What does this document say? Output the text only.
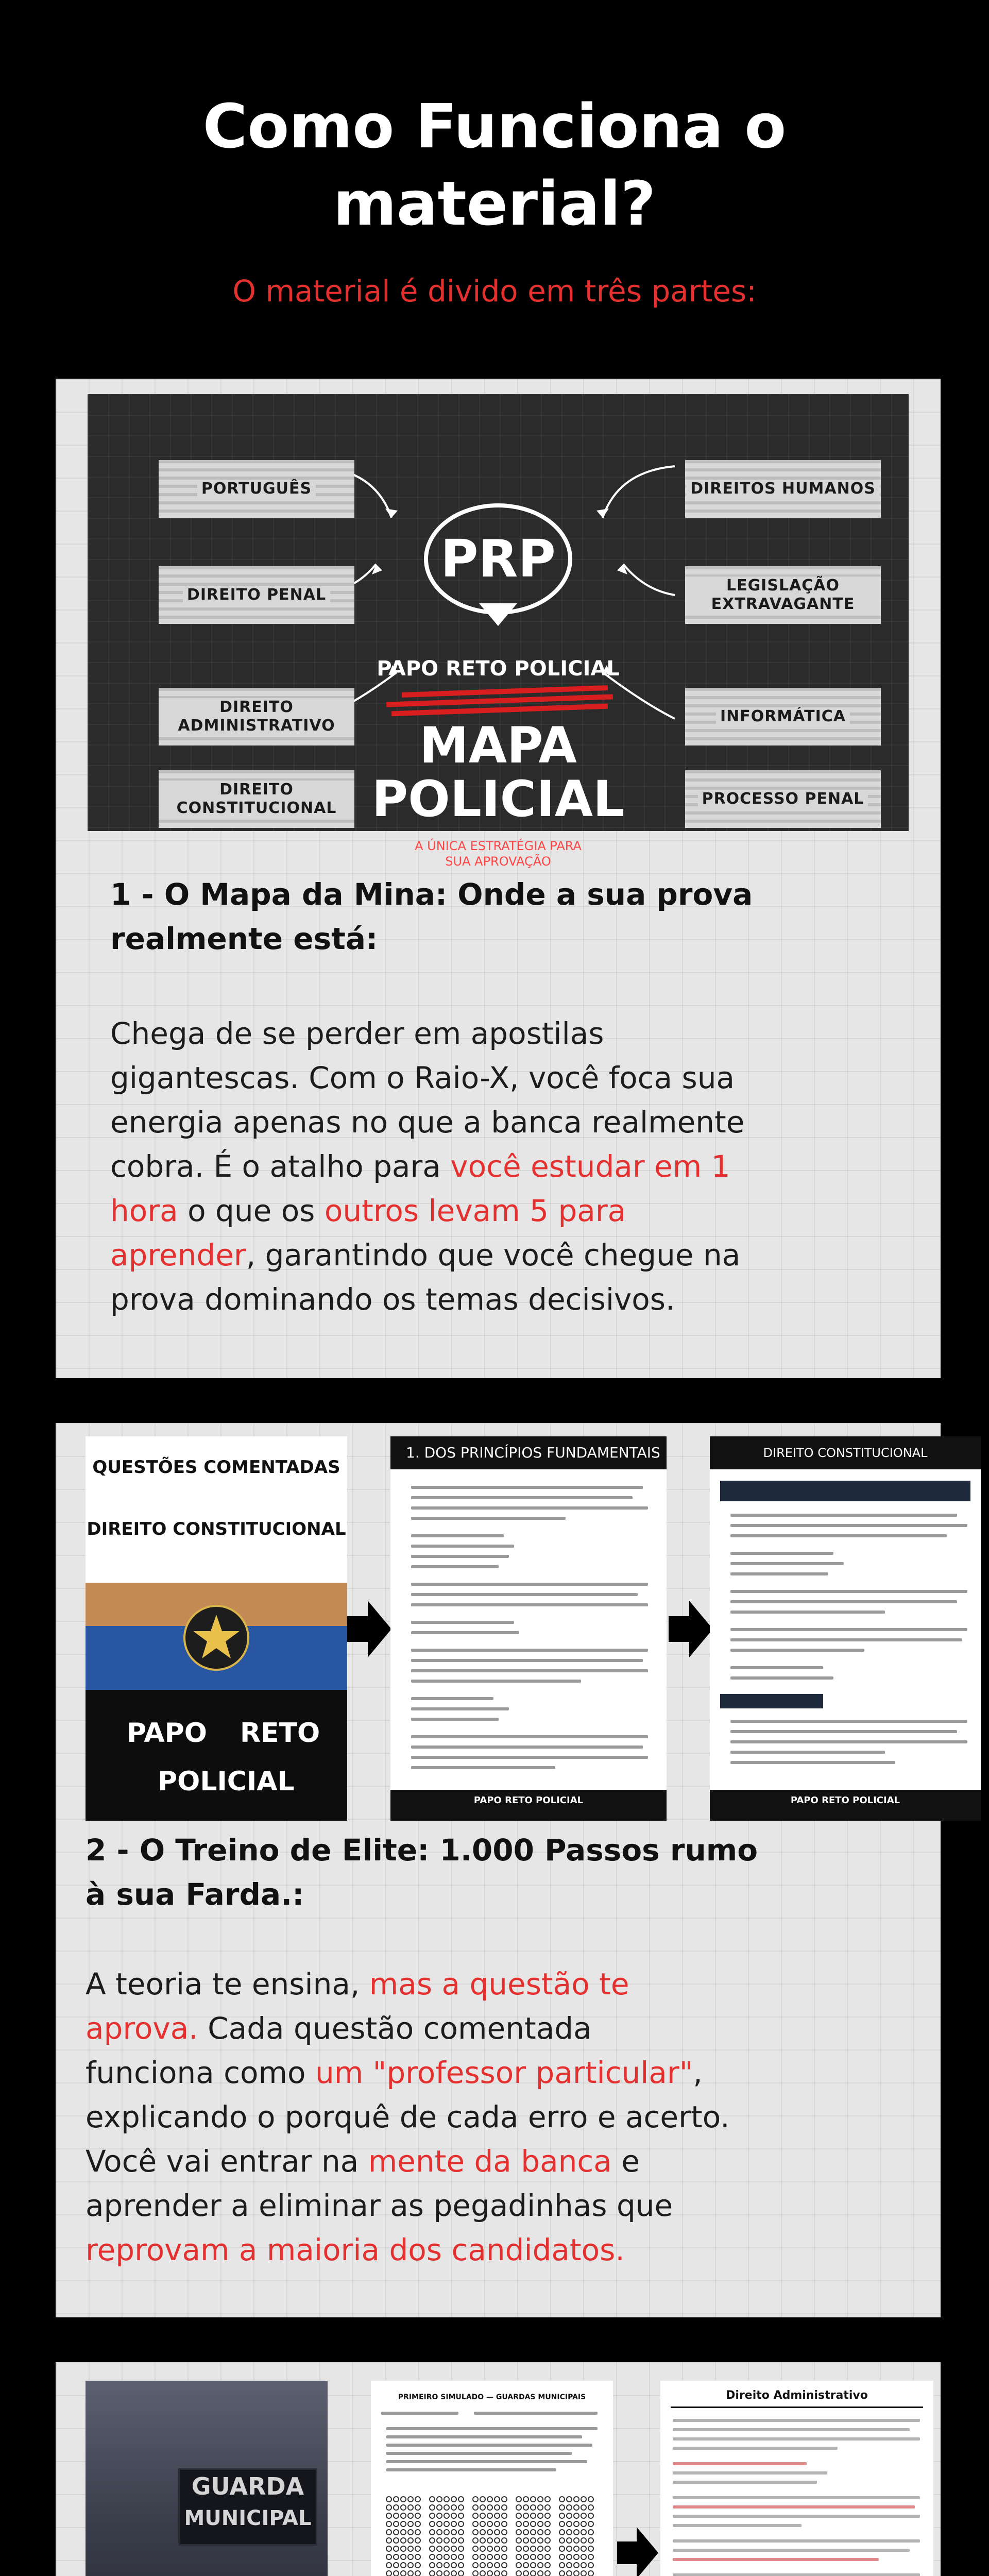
Como Funciona o
material?
O material é divido em três partes:
PORTUGUÊS
DIREITO PENAL
DIREITO ADMINISTRATIVO
DIREITO CONSTITUCIONAL
DIREITOS HUMANOS
LEGISLAÇÃO EXTRAVAGANTE
INFORMÁTICA
PROCESSO PENAL
PRP
PAPO RETO POLICIAL
MAPA
POLICIAL
A ÚNICA ESTRATÉGIA PARA SUA APROVAÇÃO
1 - O Mapa da Mina: Onde a sua prova
realmente está:
Chega de se perder em apostilas
gigantescas. Com o Raio-X, você foca sua
energia apenas no que a banca realmente
cobra. É o atalho para você estudar em 1
hora o que os outros levam 5 para
aprender, garantindo que você chegue na
prova dominando os temas decisivos.
QUESTÕES COMENTADAS
DIREITO CONSTITUCIONAL
PAPO RETO
POLICIAL
1. DOS PRINCÍPIOS FUNDAMENTAIS
PAPO RETO POLICIAL
DIREITO CONSTITUCIONAL
PAPO RETO POLICIAL
2 - O Treino de Elite: 1.000 Passos rumo
à sua Farda.:
A teoria te ensina, mas a questão te
aprova. Cada questão comentada
funciona como um "professor particular",
explicando o porquê de cada erro e acerto.
Você vai entrar na mente da banca e
aprender a eliminar as pegadinhas que
reprovam a maioria dos candidatos.
GUARDA
MUNICIPAL
PRIMEIRO SIMULADO — GUARDAS MUNICIPAIS	Direito Administrativo
